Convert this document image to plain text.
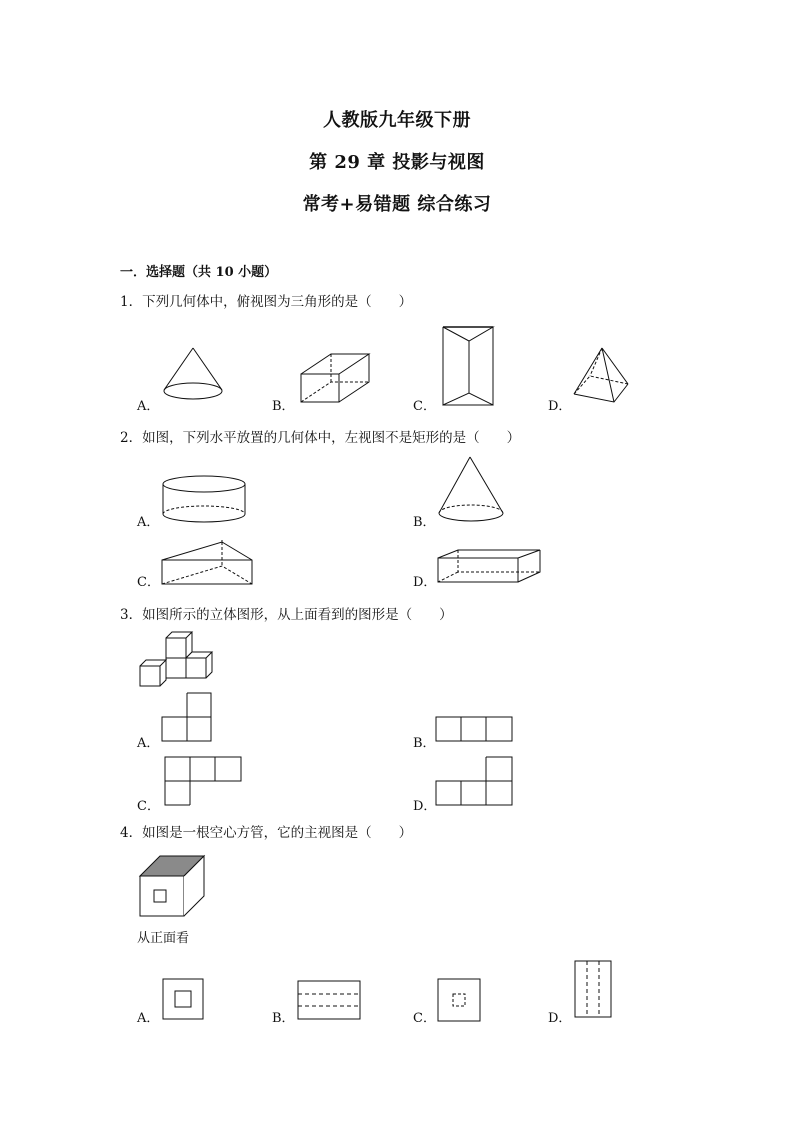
人教版九年级下册
第 29 章 投影与视图
常考+易错题 综合练习
一．选择题（共 10 小题）
1．下列几何体中，俯视图为三角形的是（　　）
A．	B．	C．	D．
2．如图，下列水平放置的几何体中，左视图不是矩形的是（　　）
A．	B．
C．	D．
3．如图所示的立体图形，从上面看到的图形是（　　）
A．	B．
C．	D．
4．如图是一根空心方管，它的主视图是（　　）
从正面看
A．	B．	C．	D．
